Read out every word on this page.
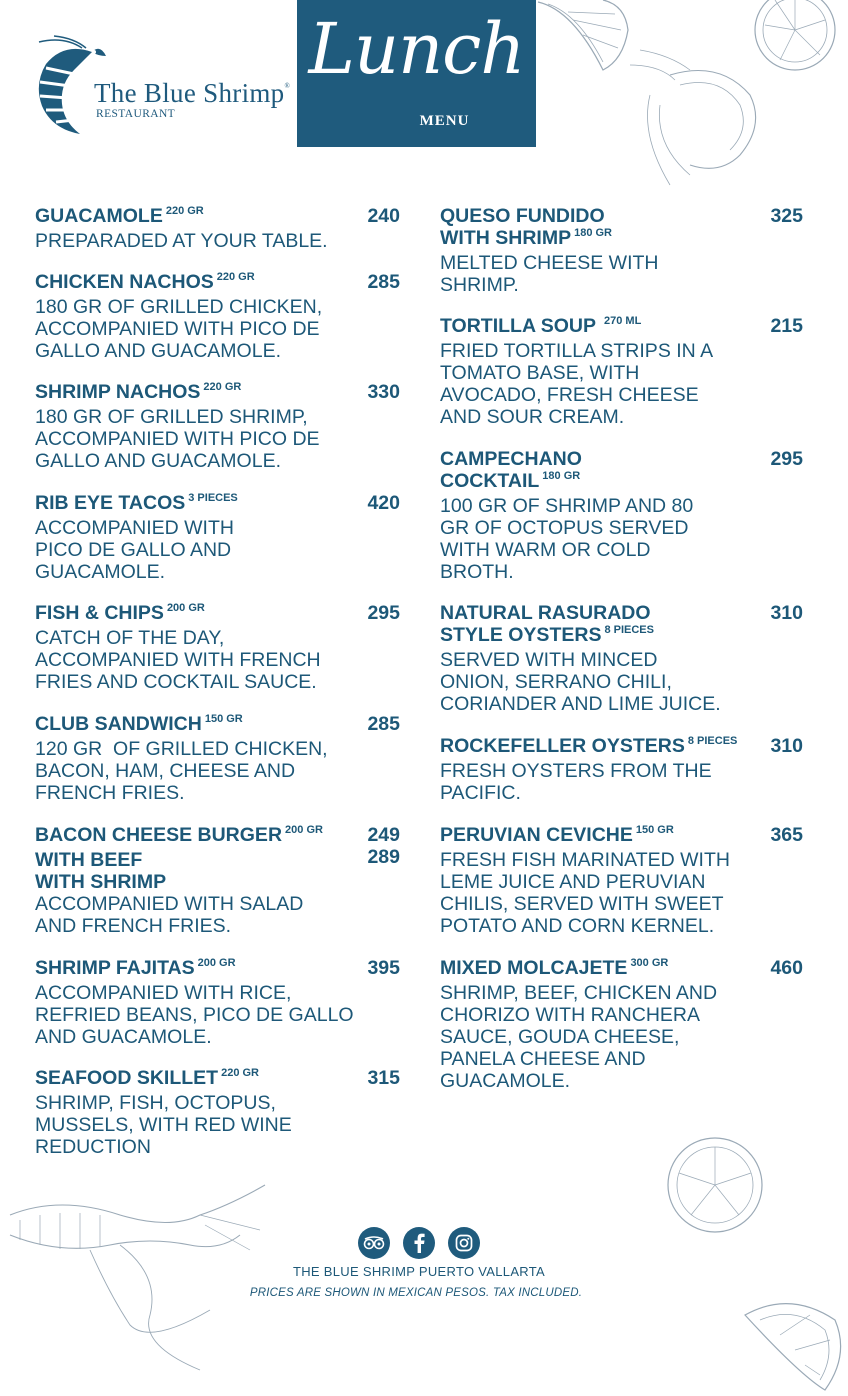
The Blue Shrimp®
RESTAURANT
Lunch
MENU
GUACAMOLE $^{220 GR}$
PREPARADED AT YOUR TABLE.
240
CHICKEN NACHOS $^{220 GR}$
180 GR OF GRILLED CHICKEN,
ACCOMPANIED WITH PICO DE
GALLO AND GUACAMOLE.
285
SHRIMP NACHOS $^{220 GR}$
180 GR OF GRILLED SHRIMP,
ACCOMPANIED WITH PICO DE
GALLO AND GUACAMOLE.
330
RIB EYE TACOS $^{3 PIECES}$
ACCOMPANIED WITH
PICO DE GALLO AND
GUACAMOLE.
420
FISH & CHIPS $^{200 GR}$
CATCH OF THE DAY,
ACCOMPANIED WITH FRENCH
FRIES AND COCKTAIL SAUCE.
295
CLUB SANDWICH $^{150 GR}$
120 GR  OF GRILLED CHICKEN,
BACON, HAM, CHEESE AND
FRENCH FRIES.
285
BACON CHEESE BURGER $^{200 GR}$
WITH BEEF
WITH SHRIMP
ACCOMPANIED WITH SALAD
AND FRENCH FRIES.
249
289
SHRIMP FAJITAS $^{200 GR}$
ACCOMPANIED WITH RICE,
REFRIED BEANS, PICO DE GALLO
AND GUACAMOLE.
395
SEAFOOD SKILLET $^{220 GR}$
SHRIMP, FISH, OCTOPUS,
MUSSELS, WITH RED WINE
REDUCTION
315
QUESO FUNDIDO
WITH SHRIMP $^{180 GR}$
MELTED CHEESE WITH
SHRIMP.
325
TORTILLA SOUP $^{270 ML}$
FRIED TORTILLA STRIPS IN A
TOMATO BASE, WITH
AVOCADO, FRESH CHEESE
AND SOUR CREAM.
215
CAMPECHANO
COCKTAIL $^{180 GR}$
100 GR OF SHRIMP AND 80
GR OF OCTOPUS SERVED
WITH WARM OR COLD
BROTH.
295
NATURAL RASURADO
STYLE OYSTERS $^{8 PIECES}$
SERVED WITH MINCED
ONION, SERRANO CHILI,
CORIANDER AND LIME JUICE.
310
ROCKEFELLER OYSTERS $^{8 PIECES}$
FRESH OYSTERS FROM THE
PACIFIC.
310
PERUVIAN CEVICHE $^{150 GR}$
FRESH FISH MARINATED WITH
LEME JUICE AND PERUVIAN
CHILIS, SERVED WITH SWEET
POTATO AND CORN KERNEL.
365
MIXED MOLCAJETE $^{300 GR}$
SHRIMP, BEEF, CHICKEN AND
CHORIZO WITH RANCHERA
SAUCE, GOUDA CHEESE,
PANELA CHEESE AND
GUACAMOLE.
460
THE BLUE SHRIMP PUERTO VALLARTA
PRICES ARE SHOWN IN MEXICAN PESOS. TAX INCLUDED.
